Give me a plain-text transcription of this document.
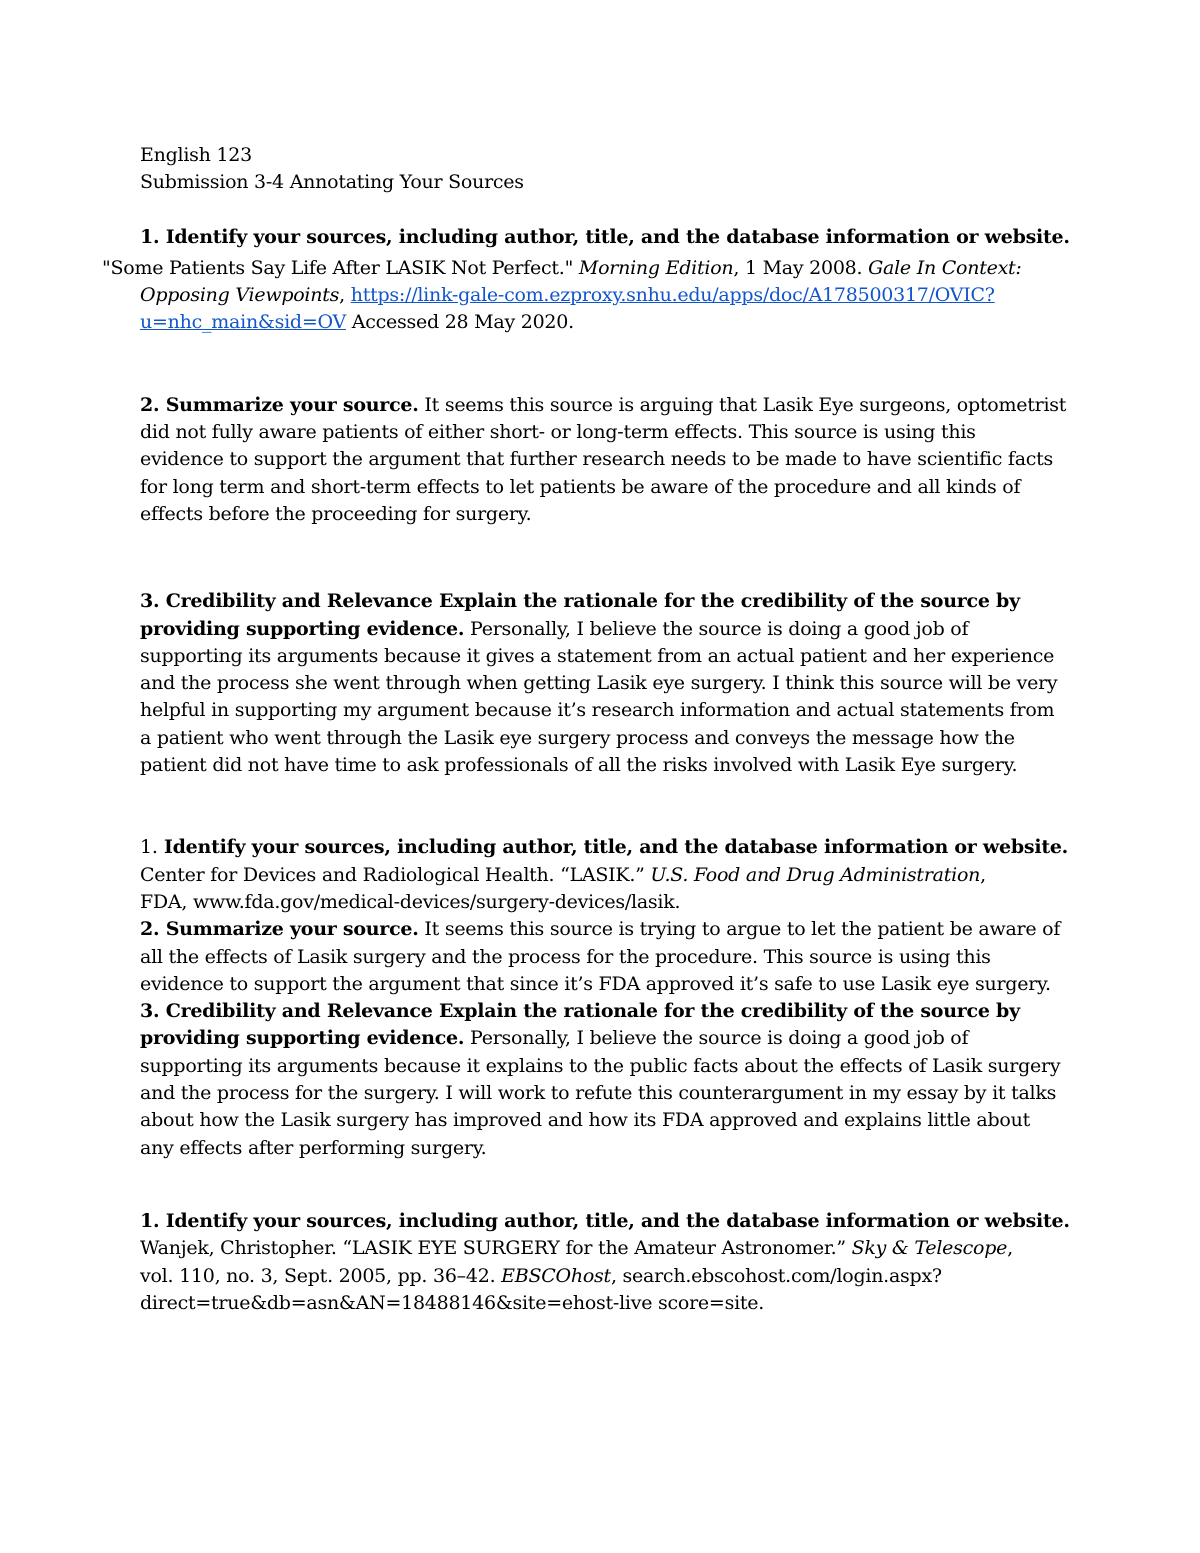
English 123
Submission 3-4 Annotating Your Sources
1. Identify your sources, including author, title, and the database information or website.
"Some Patients Say Life After LASIK Not Perfect." Morning Edition, 1 May 2008. Gale In Context:
Opposing Viewpoints, https://link-gale-com.ezproxy.snhu.edu/apps/doc/A178500317/OVIC?
u=nhc_main&sid=OV Accessed 28 May 2020.
2. Summarize your source. It seems this source is arguing that Lasik Eye surgeons, optometrist
did not fully aware patients of either short- or long-term effects. This source is using this
evidence to support the argument that further research needs to be made to have scientific facts
for long term and short-term effects to let patients be aware of the procedure and all kinds of
effects before the proceeding for surgery.
3. Credibility and Relevance Explain the rationale for the credibility of the source by
providing supporting evidence. Personally, I believe the source is doing a good job of
supporting its arguments because it gives a statement from an actual patient and her experience
and the process she went through when getting Lasik eye surgery. I think this source will be very
helpful in supporting my argument because it’s research information and actual statements from
a patient who went through the Lasik eye surgery process and conveys the message how the
patient did not have time to ask professionals of all the risks involved with Lasik Eye surgery.
1. Identify your sources, including author, title, and the database information or website.
Center for Devices and Radiological Health. “LASIK.” U.S. Food and Drug Administration,
FDA, www.fda.gov/medical-devices/surgery-devices/lasik.
2. Summarize your source. It seems this source is trying to argue to let the patient be aware of
all the effects of Lasik surgery and the process for the procedure. This source is using this
evidence to support the argument that since it’s FDA approved it’s safe to use Lasik eye surgery.
3. Credibility and Relevance Explain the rationale for the credibility of the source by
providing supporting evidence. Personally, I believe the source is doing a good job of
supporting its arguments because it explains to the public facts about the effects of Lasik surgery
and the process for the surgery. I will work to refute this counterargument in my essay by it talks
about how the Lasik surgery has improved and how its FDA approved and explains little about
any effects after performing surgery.
1. Identify your sources, including author, title, and the database information or website.
Wanjek, Christopher. “LASIK EYE SURGERY for the Amateur Astronomer.” Sky & Telescope,
vol. 110, no. 3, Sept. 2005, pp. 36–42. EBSCOhost, search.ebscohost.com/login.aspx?
direct=true&db=asn&AN=18488146&site=ehost-live score=site.
